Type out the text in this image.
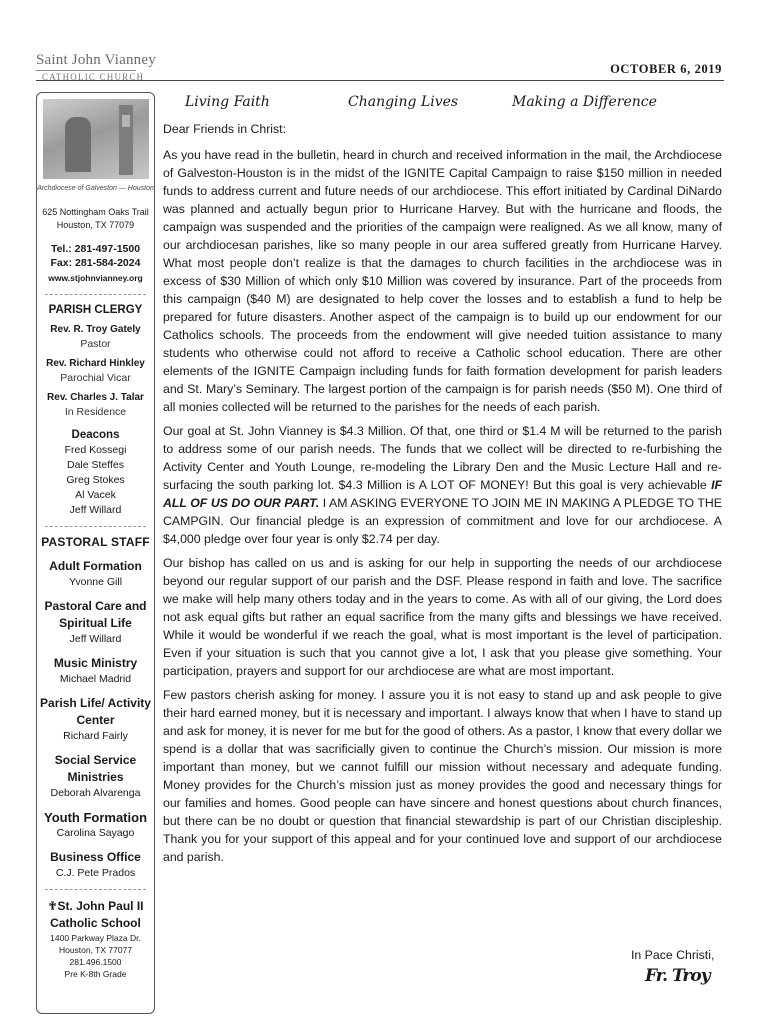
Saint John Vianney
CATHOLIC CHURCH
OCTOBER 6, 2019
Archdiocese of Galveston — Houston
625 Nottingham Oaks Trail
Houston, TX 77079
Tel.: 281-497-1500
Fax: 281-584-2024
www.stjohnvianney.org
PARISH CLERGY
Rev. R. Troy Gately
Pastor
Rev. Richard Hinkley
Parochial Vicar
Rev. Charles J. Talar
In Residence
Deacons
Fred Kossegi
Dale Steffes
Greg Stokes
Al Vacek
Jeff Willard
PASTORAL STAFF
Adult Formation
Yvonne Gill
Pastoral Care and Spiritual Life
Jeff Willard
Music Ministry
Michael Madrid
Parish Life/ Activity Center
Richard Fairly
Social Service Ministries
Deborah Alvarenga
Youth Formation
Carolina Sayago
Business Office
C.J. Pete Prados
✟St. John Paul II Catholic School
1400 Parkway Plaza Dr.
Houston, TX 77077
281.496.1500
Pre K-8th Grade
Living Faith	Changing Lives	Making a Difference

Dear Friends in Christ:

As you have read in the bulletin, heard in church and received information in the mail, the Archdiocese of Galveston-Houston is in the midst of the IGNITE Capital Campaign to raise $150 million in needed funds to address current and future needs of our archdiocese. This effort initiated by Cardinal DiNardo was planned and actually begun prior to Hurricane Harvey. But with the hurricane and floods, the campaign was suspended and the priorities of the campaign were realigned. As we all know, many of our archdiocesan parishes, like so many people in our area suffered greatly from Hurricane Harvey. What most people don’t realize is that the damages to church facilities in the archdiocese was in excess of $30 Million of which only $10 Million was covered by insurance. Part of the proceeds from this campaign ($40 M) are designated to help cover the losses and to establish a fund to help be prepared for future disasters. Another aspect of the campaign is to build up our endowment for our Catholics schools. The proceeds from the endowment will give needed tuition assistance to many students who otherwise could not afford to receive a Catholic school education. There are other elements of the IGNITE Campaign including funds for faith formation development for parish leaders and St. Mary’s Seminary. The largest portion of the campaign is for parish needs ($50 M). One third of all monies collected will be returned to the parishes for the needs of each parish.

Our goal at St. John Vianney is $4.3 Million. Of that, one third or $1.4 M will be returned to the parish to address some of our parish needs. The funds that we collect will be directed to re-furbishing the Activity Center and Youth Lounge, re-modeling the Library Den and the Music Lecture Hall and re-surfacing the south parking lot. $4.3 Million is A LOT OF MONEY! But this goal is very achievable IF ALL OF US DO OUR PART. I AM ASKING EVERYONE TO JOIN ME IN MAKING A PLEDGE TO THE CAMPGIN. Our financial pledge is an expression of commitment and love for our archdiocese. A $4,000 pledge over four year is only $2.74 per day.

Our bishop has called on us and is asking for our help in supporting the needs of our archdiocese beyond our regular support of our parish and the DSF. Please respond in faith and love. The sacrifice we make will help many others today and in the years to come. As with all of our giving, the Lord does not ask equal gifts but rather an equal sacrifice from the many gifts and blessings we have received. While it would be wonderful if we reach the goal, what is most important is the level of participation. Even if your situation is such that you cannot give a lot, I ask that you please give something. Your participation, prayers and support for our archdiocese are what are most important.

Few pastors cherish asking for money. I assure you it is not easy to stand up and ask people to give their hard earned money, but it is necessary and important. I always know that when I have to stand up and ask for money, it is never for me but for the good of others. As a pastor, I know that every dollar we spend is a dollar that was sacrificially given to continue the Church’s mission. Our mission is more important than money, but we cannot fulfill our mission without necessary and adequate funding. Money provides for the Church’s mission just as money provides the good and necessary things for our families and homes. Good people can have sincere and honest questions about church finances, but there can be no doubt or question that financial stewardship is part of our Christian discipleship. Thank you for your support of this appeal and for your continued love and support of our archdiocese and parish.

In Pace Christi,
Fr. Troy
